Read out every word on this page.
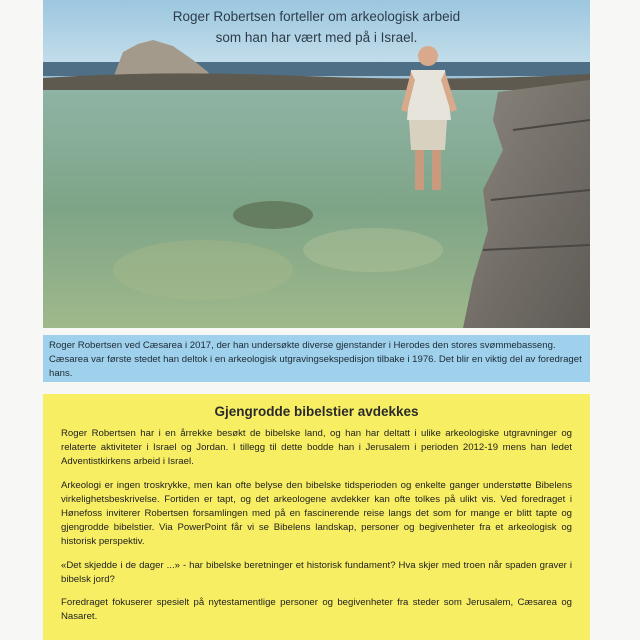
Roger Robertsen forteller om arkeologisk arbeid
som han har vært med på i Israel.
Roger Robertsen ved Cæsarea i 2017, der han undersøkte diverse gjenstander i Herodes den stores svømmebasseng. Cæsarea var første stedet han deltok i en arkeologisk utgravingsekspedisjon tilbake i 1976. Det blir en viktig del av foredraget hans.
Gjengrodde bibelstier avdekkes

Roger Robertsen har i en årrekke besøkt de bibelske land, og han har deltatt i ulike arkeologiske utgravninger og relaterte aktiviteter i Israel og Jordan. I tillegg til dette bodde han i Jerusalem i perioden 2012-19 mens han ledet Adventistkirkens arbeid i Israel.

Arkeologi er ingen troskrykke, men kan ofte belyse den bibelske tidsperioden og enkelte ganger understøtte Bibelens virkelighetsbeskrivelse. Fortiden er tapt, og det arkeologene avdekker kan ofte tolkes på ulikt vis. Ved foredraget i Hønefoss inviterer Robertsen forsamlingen med på en fascinerende reise langs det som for mange er blitt tapte og gjengrodde bibelstier. Via PowerPoint får vi se Bibelens landskap, personer og begivenheter fra et arkeologisk og historisk perspektiv.

«Det skjedde i de dager ...» - har bibelske beretninger et historisk fundament? Hva skjer med troen når spaden graver i bibelsk jord?

Foredraget fokuserer spesielt på nytestamentlige personer og begivenheter fra steder som Jerusalem, Cæsarea og Nasaret.
